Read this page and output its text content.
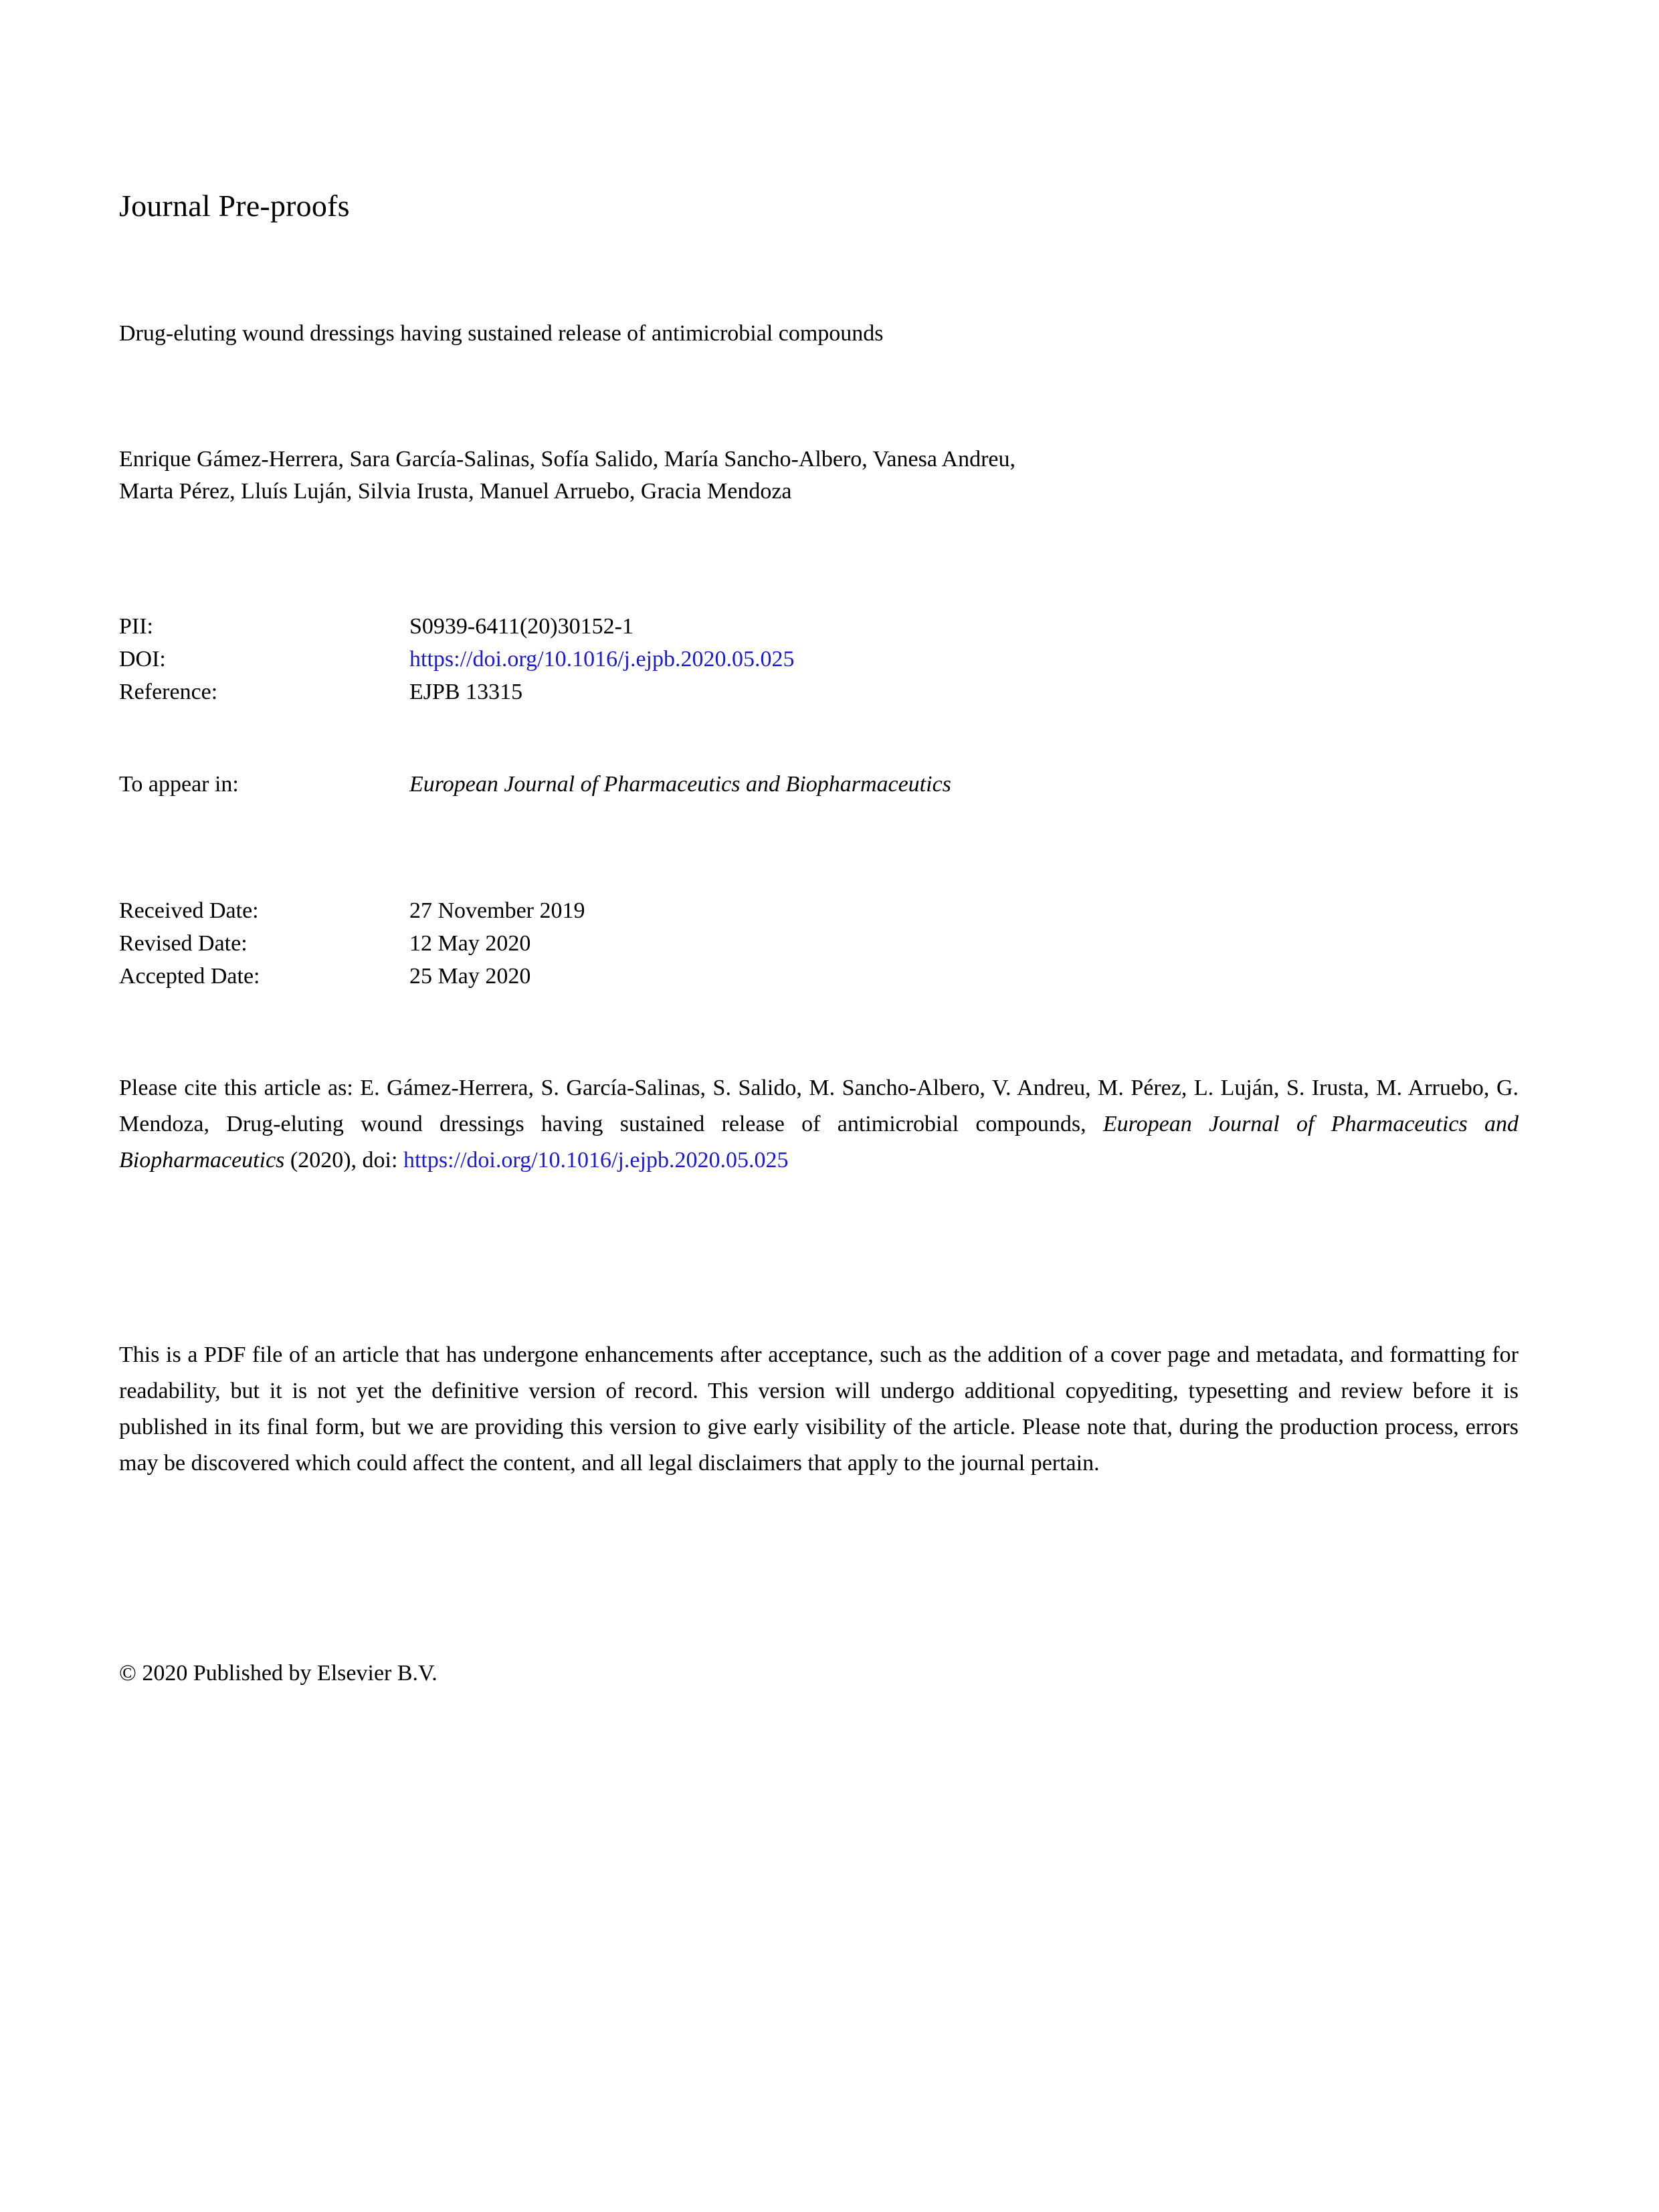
Journal Pre-proofs
Drug-eluting wound dressings having sustained release of antimicrobial compounds
Enrique Gámez-Herrera, Sara García-Salinas, Sofía Salido, María Sancho-Albero, Vanesa Andreu, Marta Pérez, Lluís Luján, Silvia Irusta, Manuel Arruebo, Gracia Mendoza
PII:	S0939-6411(20)30152-1
DOI:	https://doi.org/10.1016/j.ejpb.2020.05.025
Reference:	EJPB 13315
To appear in:	European Journal of Pharmaceutics and Biopharmaceutics
Received Date:	27 November 2019
Revised Date:	12 May 2020
Accepted Date:	25 May 2020
Please cite this article as: E. Gámez-Herrera, S. García-Salinas, S. Salido, M. Sancho-Albero, V. Andreu, M. Pérez, L. Luján, S. Irusta, M. Arruebo, G. Mendoza, Drug-eluting wound dressings having sustained release of antimicrobial compounds, European Journal of Pharmaceutics and Biopharmaceutics (2020), doi: https://doi.org/10.1016/j.ejpb.2020.05.025
This is a PDF file of an article that has undergone enhancements after acceptance, such as the addition of a cover page and metadata, and formatting for readability, but it is not yet the definitive version of record. This version will undergo additional copyediting, typesetting and review before it is published in its final form, but we are providing this version to give early visibility of the article. Please note that, during the production process, errors may be discovered which could affect the content, and all legal disclaimers that apply to the journal pertain.
© 2020 Published by Elsevier B.V.
